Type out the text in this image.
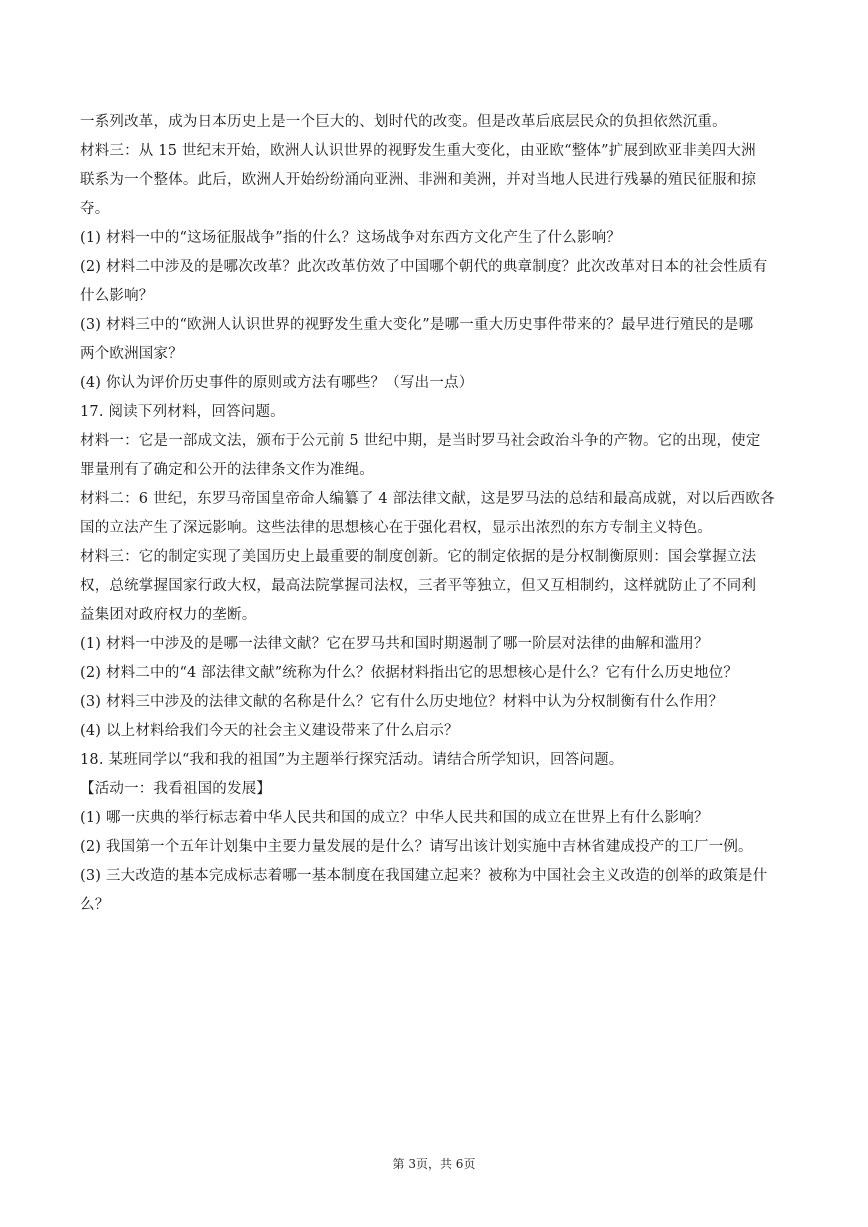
一系列改革，成为日本历史上是一个巨大的、划时代的改变。但是改革后底层民众的负担依然沉重。
材料三：从 15 世纪末开始，欧洲人认识世界的视野发生重大变化，由亚欧“整体”扩展到欧亚非美四大洲
联系为一个整体。此后，欧洲人开始纷纷涌向亚洲、非洲和美洲，并对当地人民进行残暴的殖民征服和掠
夺。
(1) 材料一中的“这场征服战争”指的什么？这场战争对东西方文化产生了什么影响？
(2) 材料二中涉及的是哪次改革？此次改革仿效了中国哪个朝代的典章制度？此次改革对日本的社会性质有
什么影响？
(3) 材料三中的“欧洲人认识世界的视野发生重大变化”是哪一重大历史事件带来的？最早进行殖民的是哪
两个欧洲国家？
(4) 你认为评价历史事件的原则或方法有哪些？（写出一点）
17. 阅读下列材料，回答问题。
材料一：它是一部成文法，颁布于公元前 5 世纪中期，是当时罗马社会政治斗争的产物。它的出现，使定
罪量刑有了确定和公开的法律条文作为准绳。
材料二：6 世纪，东罗马帝国皇帝命人编纂了 4 部法律文献，这是罗马法的总结和最高成就，对以后西欧各
国的立法产生了深远影响。这些法律的思想核心在于强化君权，显示出浓烈的东方专制主义特色。
材料三：它的制定实现了美国历史上最重要的制度创新。它的制定依据的是分权制衡原则：国会掌握立法
权，总统掌握国家行政大权，最高法院掌握司法权，三者平等独立，但又互相制约，这样就防止了不同利
益集团对政府权力的垄断。
(1) 材料一中涉及的是哪一法律文献？它在罗马共和国时期遏制了哪一阶层对法律的曲解和滥用？
(2) 材料二中的“4 部法律文献”统称为什么？依据材料指出它的思想核心是什么？它有什么历史地位？
(3) 材料三中涉及的法律文献的名称是什么？它有什么历史地位？材料中认为分权制衡有什么作用？
(4) 以上材料给我们今天的社会主义建设带来了什么启示？
18. 某班同学以“我和我的祖国”为主题举行探究活动。请结合所学知识，回答问题。
【活动一：我看祖国的发展】
(1) 哪一庆典的举行标志着中华人民共和国的成立？中华人民共和国的成立在世界上有什么影响？
(2) 我国第一个五年计划集中主要力量发展的是什么？请写出该计划实施中吉林省建成投产的工厂一例。
(3) 三大改造的基本完成标志着哪一基本制度在我国建立起来？被称为中国社会主义改造的创举的政策是什
么？
第 3页，共 6页
